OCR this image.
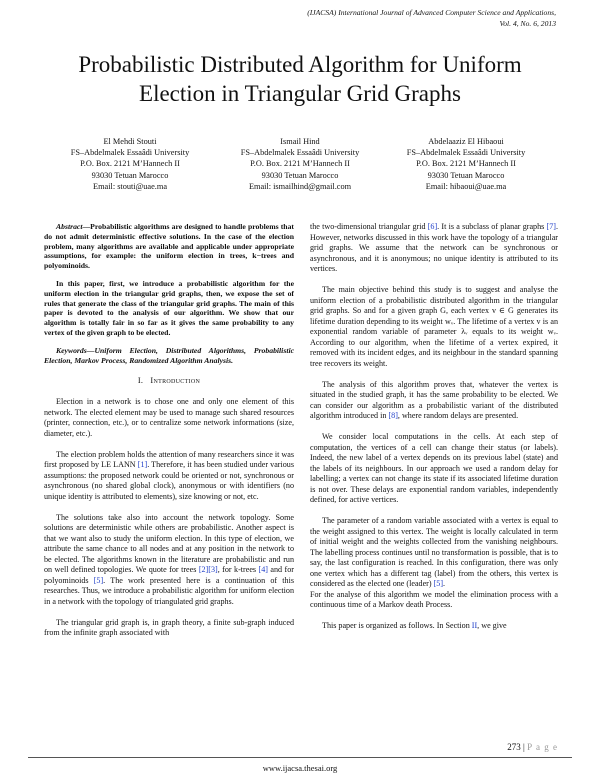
(IJACSA) International Journal of Advanced Computer Science and Applications,
Vol. 4, No. 6, 2013
Probabilistic Distributed Algorithm for Uniform
Election in Triangular Grid Graphs
El Mehdi Stouti
FS–Abdelmalek Essaâdi University
P.O. Box. 2121 M’Hannech II
93030 Tetuan Marocco
Email: stouti@uae.ma
Ismail Hind
FS–Abdelmalek Essaâdi University
P.O. Box. 2121 M’Hannech II
93030 Tetuan Marocco
Email: ismailhind@gmail.com
Abdelaaziz El Hibaoui
FS–Abdelmalek Essaâdi University
P.O. Box. 2121 M’Hannech II
93030 Tetuan Marocco
Email: hibaoui@uae.ma

Abstract—Probabilistic algorithms are designed to handle problems that do not admit deterministic effective solutions. In the case of the election problem, many algorithms are available and applicable under appropriate assumptions, for example: the uniform election in trees, k−trees and polyominoids.

In this paper, first, we introduce a probabilistic algorithm for the uniform election in the triangular grid graphs, then, we expose the set of rules that generate the class of the triangular grid graphs. The main of this paper is devoted to the analysis of our algorithm. We show that our algorithm is totally fair in so far as it gives the same probability to any vertex of the given graph to be elected.

Keywords—Uniform Election, Distributed Algorithms, Probabilistic Election, Markov Process, Randomized Algorithm Analysis.

I. Introduction

Election in a network is to chose one and only one element of this network. The elected element may be used to manage such shared resources (printer, connection, etc.), or to centralize some network informations (size, diameter, etc.).

The election problem holds the attention of many researchers since it was first proposed by LE LANN [1]. Therefore, it has been studied under various assumptions: the proposed network could be oriented or not, synchronous or asynchronous (no shared global clock), anonymous or with identifiers (no unique identity is attributed to elements), size knowing or not, etc.

The solutions take also into account the network topology. Some solutions are deterministic while others are probabilistic. Another aspect is that we want also to study the uniform election. In this type of election, we attribute the same chance to all nodes and at any position in the network to be elected. The algorithms known in the literature are probabilistic and run on well defined topologies. We quote for trees [2][3], for k-trees [4] and for polyominoids [5]. The work presented here is a continuation of this researches. Thus, we introduce a probabilistic algorithm for uniform election in a network with the topology of triangulated grid graphs.

The triangular grid graph is, in graph theory, a finite sub-graph induced from the infinite graph associated with

the two-dimensional triangular grid [6]. It is a subclass of planar graphs [7]. However, networks discussed in this work have the topology of a triangular grid graphs. We assume that the network can be synchronous or asynchronous, and it is anonymous; no unique identity is attributed to its vertices.

The main objective behind this study is to suggest and analyse the uniform election of a probabilistic distributed algorithm in the triangular grid graphs. So and for a given graph G, each vertex v ∈ G generates its lifetime duration depending to its weight wᵥ. The lifetime of a vertex v is an exponential random variable of parameter λᵥ equals to its weight wᵥ. According to our algorithm, when the lifetime of a vertex expired, it removed with its incident edges, and its neighbour in the standard spanning tree recovers its weight.

The analysis of this algorithm proves that, whatever the vertex is situated in the studied graph, it has the same probability to be elected. We can consider our algorithm as a probabilistic variant of the distributed algorithm introduced in [8], where random delays are presented.

We consider local computations in the cells. At each step of computation, the vertices of a cell can change their status (or labels). Indeed, the new label of a vertex depends on its previous label (state) and the labels of its neighbours. In our approach we used a random delay for labelling; a vertex can not change its state if its associated lifetime duration is not over. These delays are exponential random variables, independently defined, for active vertices.

The parameter of a random variable associated with a vertex is equal to the weight assigned to this vertex. The weight is locally calculated in term of initial weight and the weights collected from the vanishing neighbours. The labelling process continues until no transformation is possible, that is to say, the last configuration is reached. In this configuration, there was only one vertex which has a different tag (label) from the others, this vertex is considered as the elected one (leader) [5].

For the analyse of this algorithm we model the elimination process with a continuous time of a Markov death Process.

This paper is organized as follows. In Section II, we give

273 | P a g e
www.ijacsa.thesai.org
